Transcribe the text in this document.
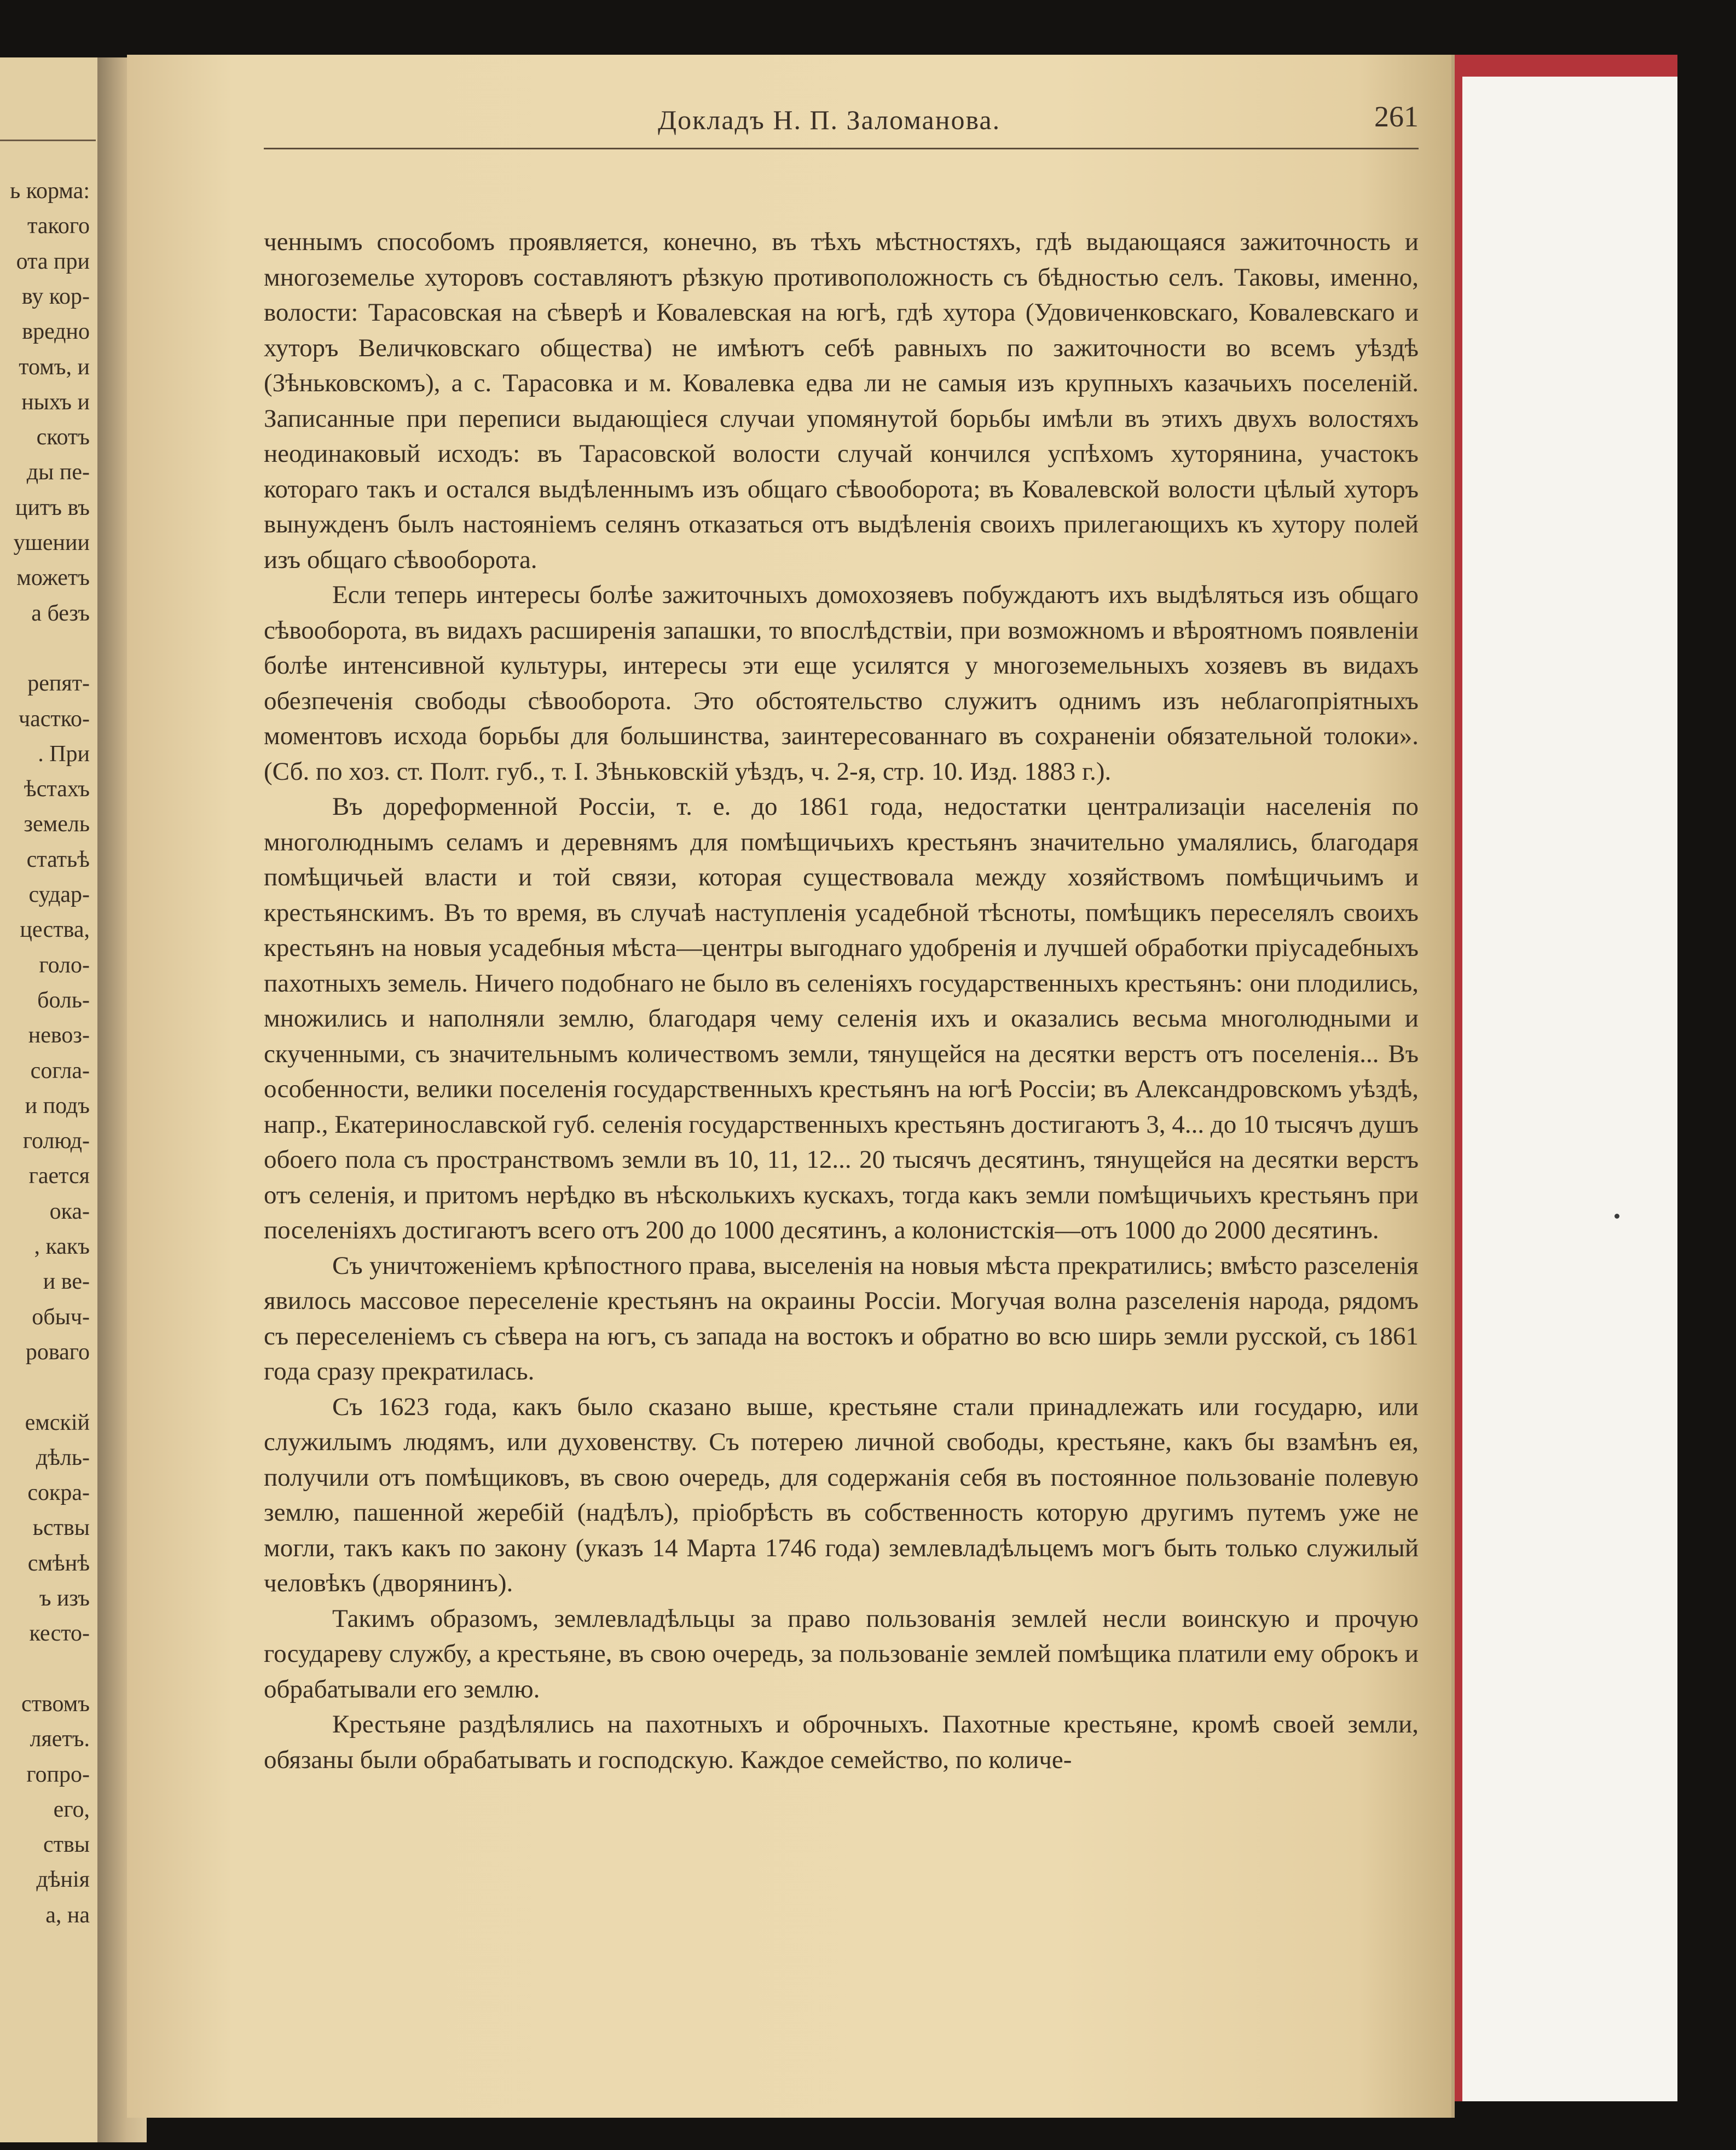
ь корма:
такого
ота при
ву кор-
вредно
томъ, и
ныхъ и
скотъ
ды пе-
цитъ въ
ушении
можетъ
а безъ
репят-
частко-
. При
ѣстахъ
земель
статьѣ
судар-
цества,
голо-
боль-
невоз-
согла-
и подъ
голюд-
гается
ока-
, какъ
и ве-
обыч-
роваго
емскій
дѣль-
сокра-
ьствы
смѣнѣ
ъ изъ
кесто-
ствомъ
ляетъ.
гопро-
его,
ствы
дѣнія
а, на
Докладъ Н. П. Заломанова.	261

ченнымъ способомъ проявляется, конечно, въ тѣхъ мѣстностяхъ, гдѣ выдающаяся зажиточность и многоземелье хуторовъ составляютъ рѣзкую противоположность съ бѣдностью селъ. Таковы, именно, волости: Тарасовская на сѣверѣ и Ковалевская на югѣ, гдѣ хутора (Удовиченковскаго, Ковалевскаго и хуторъ Величковскаго общества) не имѣютъ себѣ равныхъ по зажиточности во всемъ уѣздѣ (Зѣньковскомъ), а с. Тарасовка и м. Ковалевка едва ли не самыя изъ крупныхъ казачьихъ поселеній. Записанные при переписи выдающіеся случаи упомянутой борьбы имѣли въ этихъ двухъ волостяхъ неодинаковый исходъ: въ Тарасовской волости случай кончился успѣхомъ хуторянина, участокъ котораго такъ и остался выдѣленнымъ изъ общаго сѣвооборота; въ Ковалевской волости цѣлый хуторъ вынужденъ былъ настояніемъ селянъ отказаться отъ выдѣленія своихъ прилегающихъ къ хутору полей изъ общаго сѣвооборота.

Если теперь интересы болѣе зажиточныхъ домохозяевъ побуждаютъ ихъ выдѣляться изъ общаго сѣвооборота, въ видахъ расширенія запашки, то впослѣдствіи, при возможномъ и вѣроятномъ появленіи болѣе интенсивной культуры, интересы эти еще усилятся у многоземельныхъ хозяевъ въ видахъ обезпеченія свободы сѣвооборота. Это обстоятельство служитъ однимъ изъ неблагопріятныхъ моментовъ исхода борьбы для большинства, заинтересованнаго въ сохраненіи обязательной толоки». (Сб. по хоз. ст. Полт. губ., т. I. Зѣньковскій уѣздъ, ч. 2-я, стр. 10. Изд. 1883 г.).

Въ дореформенной Россіи, т. е. до 1861 года, недостатки централизаціи населенія по многолюднымъ селамъ и деревнямъ для помѣщичьихъ крестьянъ значительно умалялись, благодаря помѣщичьей власти и той связи, которая существовала между хозяйствомъ помѣщичьимъ и крестьянскимъ. Въ то время, въ случаѣ наступленія усадебной тѣсноты, помѣщикъ переселялъ своихъ крестьянъ на новыя усадебныя мѣста—центры выгоднаго удобренія и лучшей обработки пріусадебныхъ пахотныхъ земель. Ничего подобнаго не было въ селеніяхъ государственныхъ крестьянъ: они плодились, множились и наполняли землю, благодаря чему селенія ихъ и оказались весьма многолюдными и скученными, съ значительнымъ количествомъ земли, тянущейся на десятки верстъ отъ поселенія... Въ особенности, велики поселенія государственныхъ крестьянъ на югѣ Россіи; въ Александровскомъ уѣздѣ, напр., Екатеринославской губ. селенія государственныхъ крестьянъ достигаютъ 3, 4... до 10 тысячъ душъ обоего пола съ пространствомъ земли въ 10, 11, 12... 20 тысячъ десятинъ, тянущейся на десятки верстъ отъ селенія, и притомъ нерѣдко въ нѣсколькихъ кускахъ, тогда какъ земли помѣщичьихъ крестьянъ при поселеніяхъ достигаютъ всего отъ 200 до 1000 десятинъ, а колонистскія—отъ 1000 до 2000 десятинъ.

Съ уничтоженіемъ крѣпостного права, выселенія на новыя мѣста прекратились; вмѣсто разселенія явилось массовое переселеніе крестьянъ на окраины Россіи. Могучая волна разселенія народа, рядомъ съ переселеніемъ съ сѣвера на югъ, съ запада на востокъ и обратно во всю ширь земли русской, съ 1861 года сразу прекратилась.

Съ 1623 года, какъ было сказано выше, крестьяне стали принадлежать или государю, или служилымъ людямъ, или духовенству. Съ потерею личной свободы, крестьяне, какъ бы взамѣнъ ея, получили отъ помѣщиковъ, въ свою очередь, для содержанія себя въ постоянное пользованіе полевую землю, пашенной жеребій (надѣлъ), пріобрѣсть въ собственность которую другимъ путемъ уже не могли, такъ какъ по закону (указъ 14 Марта 1746 года) землевладѣльцемъ могъ быть только служилый человѣкъ (дворянинъ).

Такимъ образомъ, землевладѣльцы за право пользованія землей несли воинскую и прочую государеву службу, а крестьяне, въ свою очередь, за пользованіе землей помѣщика платили ему оброкъ и обрабатывали его землю.

Крестьяне раздѣлялись на пахотныхъ и оброчныхъ. Пахотные крестьяне, кромѣ своей земли, обязаны были обрабатывать и господскую. Каждое семейство, по количе-
